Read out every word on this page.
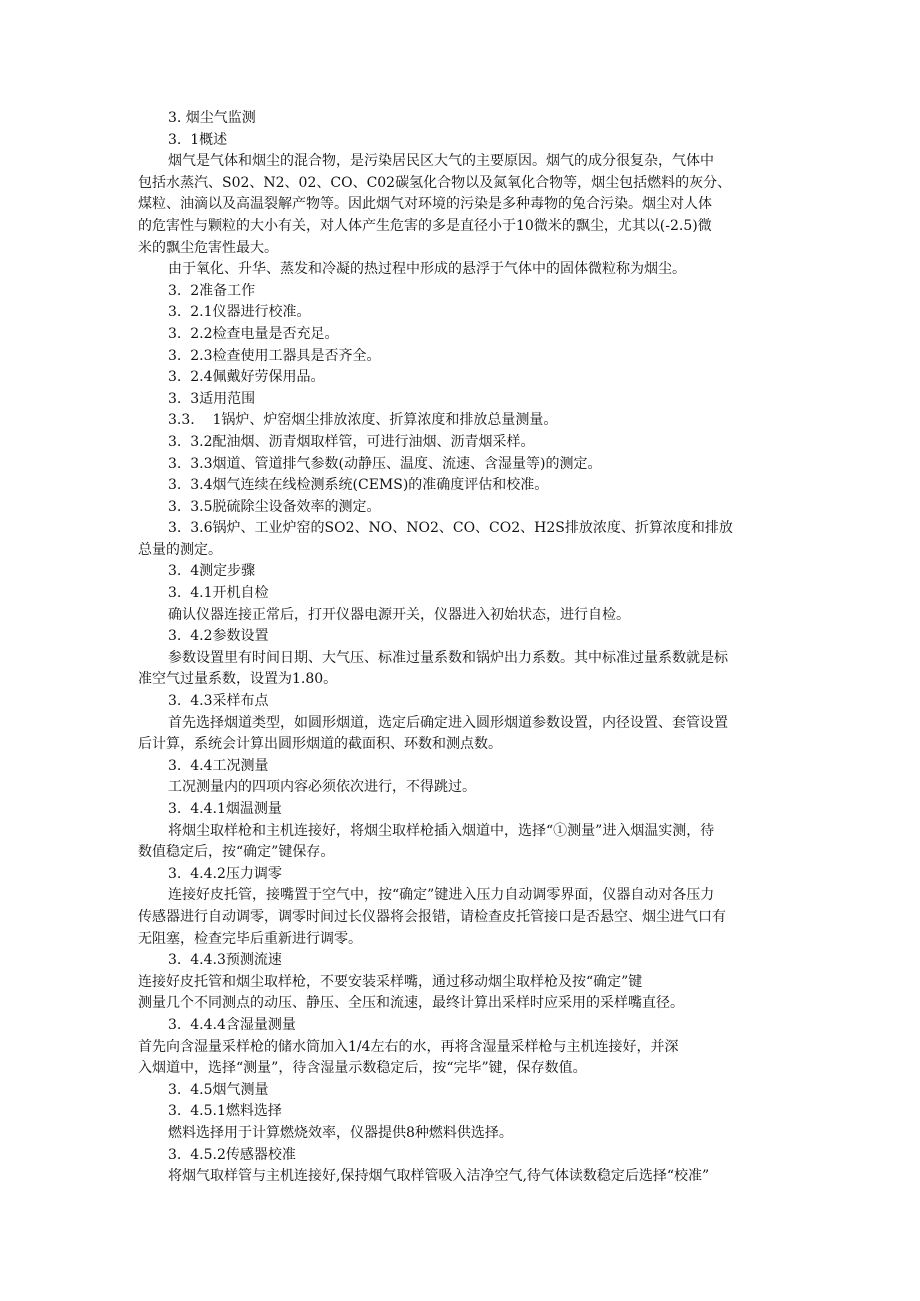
3. 烟尘气监测
3.  1概述
烟气是气体和烟尘的混合物，是污染居民区大气的主要原因。烟气的成分很复杂，气体中
包括水蒸汽、S02、N2、02、CO、C02碳氢化合物以及氮氧化合物等，烟尘包括燃料的灰分、
煤粒、油滴以及高温裂解产物等。因此烟气对环境的污染是多种毒物的兔合污染。烟尘对人体
的危害性与颗粒的大小有关，对人体产生危害的多是直径小于10微米的飘尘，尤其以(-2.5)微
米的飘尘危害性最大。
由于氧化、升华、蒸发和冷凝的热过程中形成的悬浮于气体中的固体微粒称为烟尘。
3.  2准备工作
3.  2.1仪器进行校准。
3.  2.2检查电量是否充足。
3.  2.3检查使用工器具是否齐全。
3.  2.4佩戴好劳保用品。
3.  3适用范围
3.3.    1锅炉、炉窑烟尘排放浓度、折算浓度和排放总量测量。
3.  3.2配油烟、沥青烟取样管，可进行油烟、沥青烟采样。
3.  3.3烟道、管道排气参数(动静压、温度、流速、含湿量等)的测定。
3.  3.4烟气连续在线检测系统(CEMS)的准确度评估和校准。
3.  3.5脱硫除尘设备效率的测定。
3.  3.6锅炉、工业炉窑的SO2、NO、NO2、CO、CO2、H2S排放浓度、折算浓度和排放
总量的测定。
3.  4测定步骤
3.  4.1开机自检
确认仪器连接正常后，打开仪器电源开关，仪器进入初始状态，进行自检。
3.  4.2参数设置
参数设置里有时间日期、大气压、标准过量系数和锅炉出力系数。其中标准过量系数就是标
准空气过量系数，设置为1.80。
3.  4.3采样布点
首先选择烟道类型，如圆形烟道，选定后确定进入圆形烟道参数设置，内径设置、套管设置
后计算，系统会计算出圆形烟道的截面积、环数和测点数。
3.  4.4工况测量
工况测量内的四项内容必须依次进行，不得跳过。
3.  4.4.1烟温测量
将烟尘取样枪和主机连接好，将烟尘取样枪插入烟道中，选择“①测量”进入烟温实测，待
数值稳定后，按“确定”键保存。
3.  4.4.2压力调零
连接好皮托管，接嘴置于空气中，按“确定”键进入压力自动调零界面，仪器自动对各压力
传感器进行自动调零，调零时间过长仪器将会报错，请检查皮托管接口是否悬空、烟尘进气口有
无阻塞，检查完毕后重新进行调零。
3.  4.4.3预测流速
连接好皮托管和烟尘取样枪，不要安装采样嘴，通过移动烟尘取样枪及按“确定”键
测量几个不同测点的动压、静压、全压和流速，最终计算出采样时应采用的采样嘴直径。
3.  4.4.4含湿量测量
首先向含湿量采样枪的储水筒加入1/4左右的水，再将含湿量采样枪与主机连接好，并深
入烟道中，选择“测量”，待含湿量示数稳定后，按“完毕”键，保存数值。
3.  4.5烟气测量
3.  4.5.1燃料选择
燃料选择用于计算燃烧效率，仪器提供8种燃料供选择。
3.  4.5.2传感器校准
将烟气取样管与主机连接好,保持烟气取样管吸入洁净空气,待气体读数稳定后选择“校准”
